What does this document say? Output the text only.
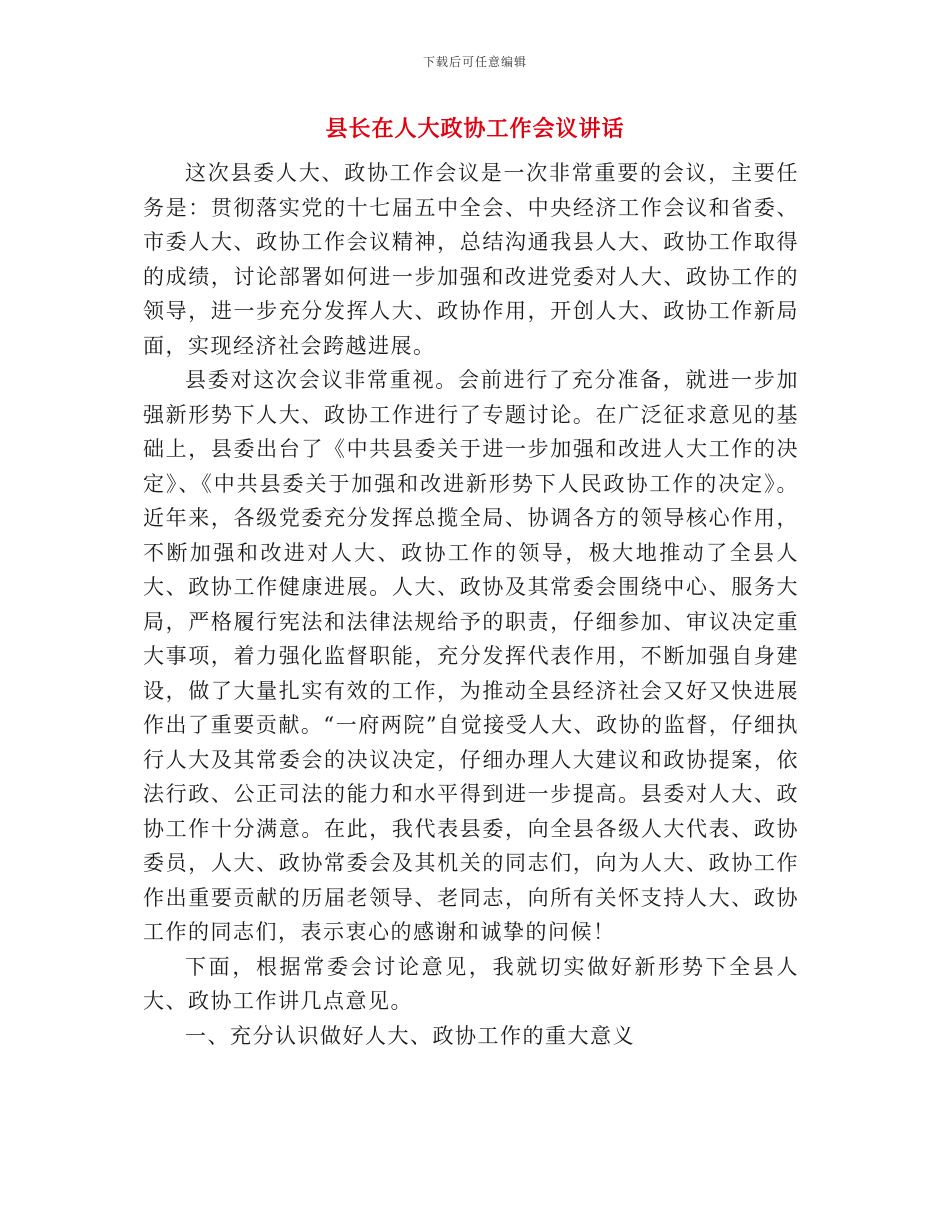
下载后可任意编辑
县长在人大政协工作会议讲话

这次县委人大、政协工作会议是一次非常重要的会议，主要任务是：贯彻落实党的十七届五中全会、中央经济工作会议和省委、市委人大、政协工作会议精神，总结沟通我县人大、政协工作取得的成绩，讨论部署如何进一步加强和改进党委对人大、政协工作的领导，进一步充分发挥人大、政协作用，开创人大、政协工作新局面，实现经济社会跨越进展。

县委对这次会议非常重视。会前进行了充分准备，就进一步加强新形势下人大、政协工作进行了专题讨论。在广泛征求意见的基础上，县委出台了《中共县委关于进一步加强和改进人大工作的决定》、《中共县委关于加强和改进新形势下人民政协工作的决定》。近年来，各级党委充分发挥总揽全局、协调各方的领导核心作用，不断加强和改进对人大、政协工作的领导，极大地推动了全县人大、政协工作健康进展。人大、政协及其常委会围绕中心、服务大局，严格履行宪法和法律法规给予的职责，仔细参加、审议决定重大事项，着力强化监督职能，充分发挥代表作用，不断加强自身建设，做了大量扎实有效的工作，为推动全县经济社会又好又快进展作出了重要贡献。“一府两院”自觉接受人大、政协的监督，仔细执行人大及其常委会的决议决定，仔细办理人大建议和政协提案，依法行政、公正司法的能力和水平得到进一步提高。县委对人大、政协工作十分满意。在此，我代表县委，向全县各级人大代表、政协委员，人大、政协常委会及其机关的同志们，向为人大、政协工作作出重要贡献的历届老领导、老同志，向所有关怀支持人大、政协工作的同志们，表示衷心的感谢和诚挚的问候！

下面，根据常委会讨论意见，我就切实做好新形势下全县人大、政协工作讲几点意见。

一、充分认识做好人大、政协工作的重大意义
